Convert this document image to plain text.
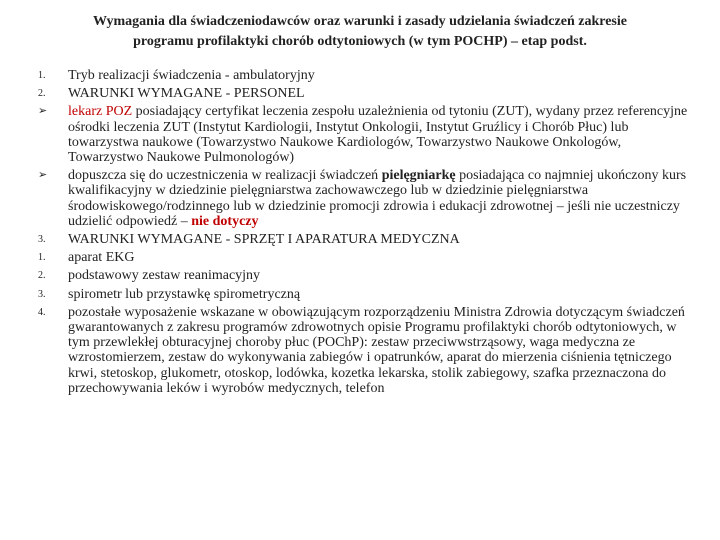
Wymagania dla świadczeniodawców oraz warunki i zasady udzielania świadczeń zakresie
programu profilaktyki chorób odtytoniowych (w tym POCHP) – etap podst.
1.	Tryb realizacji świadczenia - ambulatoryjny
2.	WARUNKI WYMAGANE - PERSONEL
➢	lekarz POZ posiadający certyfikat leczenia zespołu uzależnienia od tytoniu (ZUT), wydany przez referencyjne ośrodki leczenia ZUT (Instytut Kardiologii, Instytut Onkologii, Instytut Gruźlicy i Chorób Płuc) lub towarzystwa naukowe (Towarzystwo Naukowe Kardiologów, Towarzystwo Naukowe Onkologów, Towarzystwo Naukowe Pulmonologów)
➢	dopuszcza się do uczestniczenia w realizacji świadczeń pielęgniarkę posiadająca co najmniej ukończony kurs kwalifikacyjny w dziedzinie pielęgniarstwa zachowawczego lub w dziedzinie pielęgniarstwa środowiskowego/rodzinnego lub w dziedzinie promocji zdrowia i edukacji zdrowotnej – jeśli nie uczestniczy udzielić odpowiedź – nie dotyczy
3.	WARUNKI WYMAGANE - SPRZĘT I APARATURA MEDYCZNA
1.	aparat EKG
2.	podstawowy zestaw reanimacyjny
3.	spirometr lub przystawkę spirometryczną
4.	pozostałe wyposażenie wskazane w obowiązującym rozporządzeniu Ministra Zdrowia dotyczącym świadczeń gwarantowanych z zakresu programów zdrowotnych opisie Programu profilaktyki chorób odtytoniowych, w tym przewlekłej obturacyjnej choroby płuc (POChP): zestaw przeciwwstrząsowy, waga medyczna ze wzrostomierzem, zestaw do wykonywania zabiegów i opatrunków, aparat do mierzenia ciśnienia tętniczego krwi, stetoskop, glukometr, otoskop, lodówka, kozetka lekarska, stolik zabiegowy, szafka przeznaczona do przechowywania leków i wyrobów medycznych, telefon
